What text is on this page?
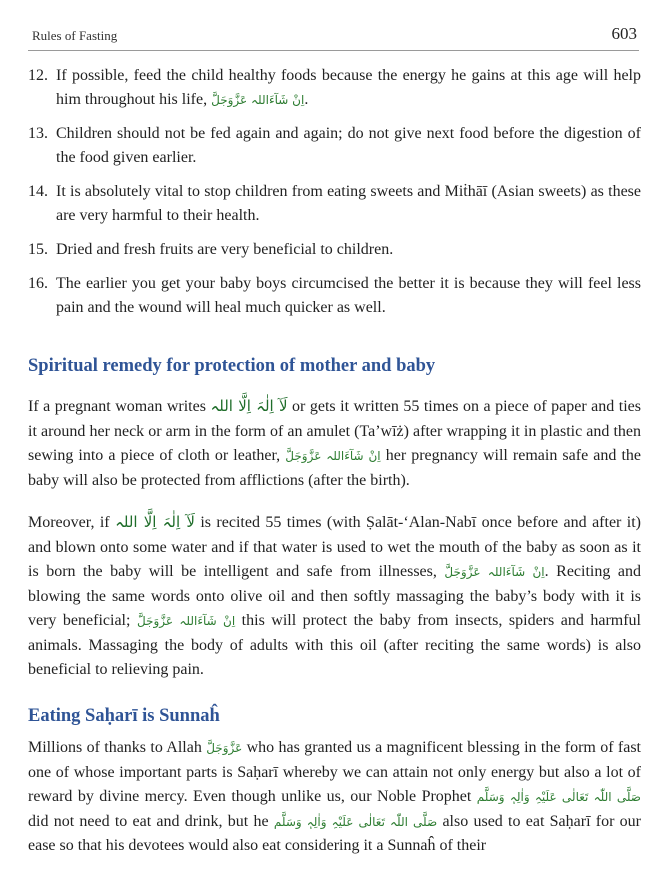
Rules of Fasting	603
12. If possible, feed the child healthy foods because the energy he gains at this age will help him throughout his life, اِنْ شَآءَاللہ عَزَّوَجَلَّ.
13. Children should not be fed again and again; do not give next food before the digestion of the food given earlier.
14. It is absolutely vital to stop children from eating sweets and Miṫhāī (Asian sweets) as these are very harmful to their health.
15. Dried and fresh fruits are very beneficial to children.
16. The earlier you get your baby boys circumcised the better it is because they will feel less pain and the wound will heal much quicker as well.
Spiritual remedy for protection of mother and baby
If a pregnant woman writes لَآ اِلٰہَ اِلَّا اللہ or gets it written 55 times on a piece of paper and ties it around her neck or arm in the form of an amulet (Ta’wīż) after wrapping it in plastic and then sewing into a piece of cloth or leather, اِنْ شَآءَاللہ عَزَّوَجَلَّ her pregnancy will remain safe and the baby will also be protected from afflictions (after the birth).
Moreover, if لَآ اِلٰہَ اِلَّا اللہ is recited 55 times (with Ṣalāt-‘Alan-Nabī once before and after it) and blown onto some water and if that water is used to wet the mouth of the baby as soon as it is born the baby will be intelligent and safe from illnesses, اِنْ شَآءَاللہ عَزَّوَجَلَّ. Reciting and blowing the same words onto olive oil and then softly massaging the baby’s body with it is very beneficial; اِنْ شَآءَاللہ عَزَّوَجَلَّ this will protect the baby from insects, spiders and harmful animals. Massaging the body of adults with this oil (after reciting the same words) is also beneficial to relieving pain.
Eating Saḥarī is Sunnaĥ
Millions of thanks to Allah عَزَّوَجَلَّ who has granted us a magnificent blessing in the form of fast one of whose important parts is Saḥarī whereby we can attain not only energy but also a lot of reward by divine mercy. Even though unlike us, our Noble Prophet صَلَّی اللّٰہ تَعَالٰی عَلَیْہِ وَاٰلِہٖ وَسَلَّم did not need to eat and drink, but he صَلَّی اللّٰہ تَعَالٰی عَلَیْہِ وَاٰلِہٖ وَسَلَّم also used to eat Saḥarī for our ease so that his devotees would also eat considering it a Sunnaĥ of their
